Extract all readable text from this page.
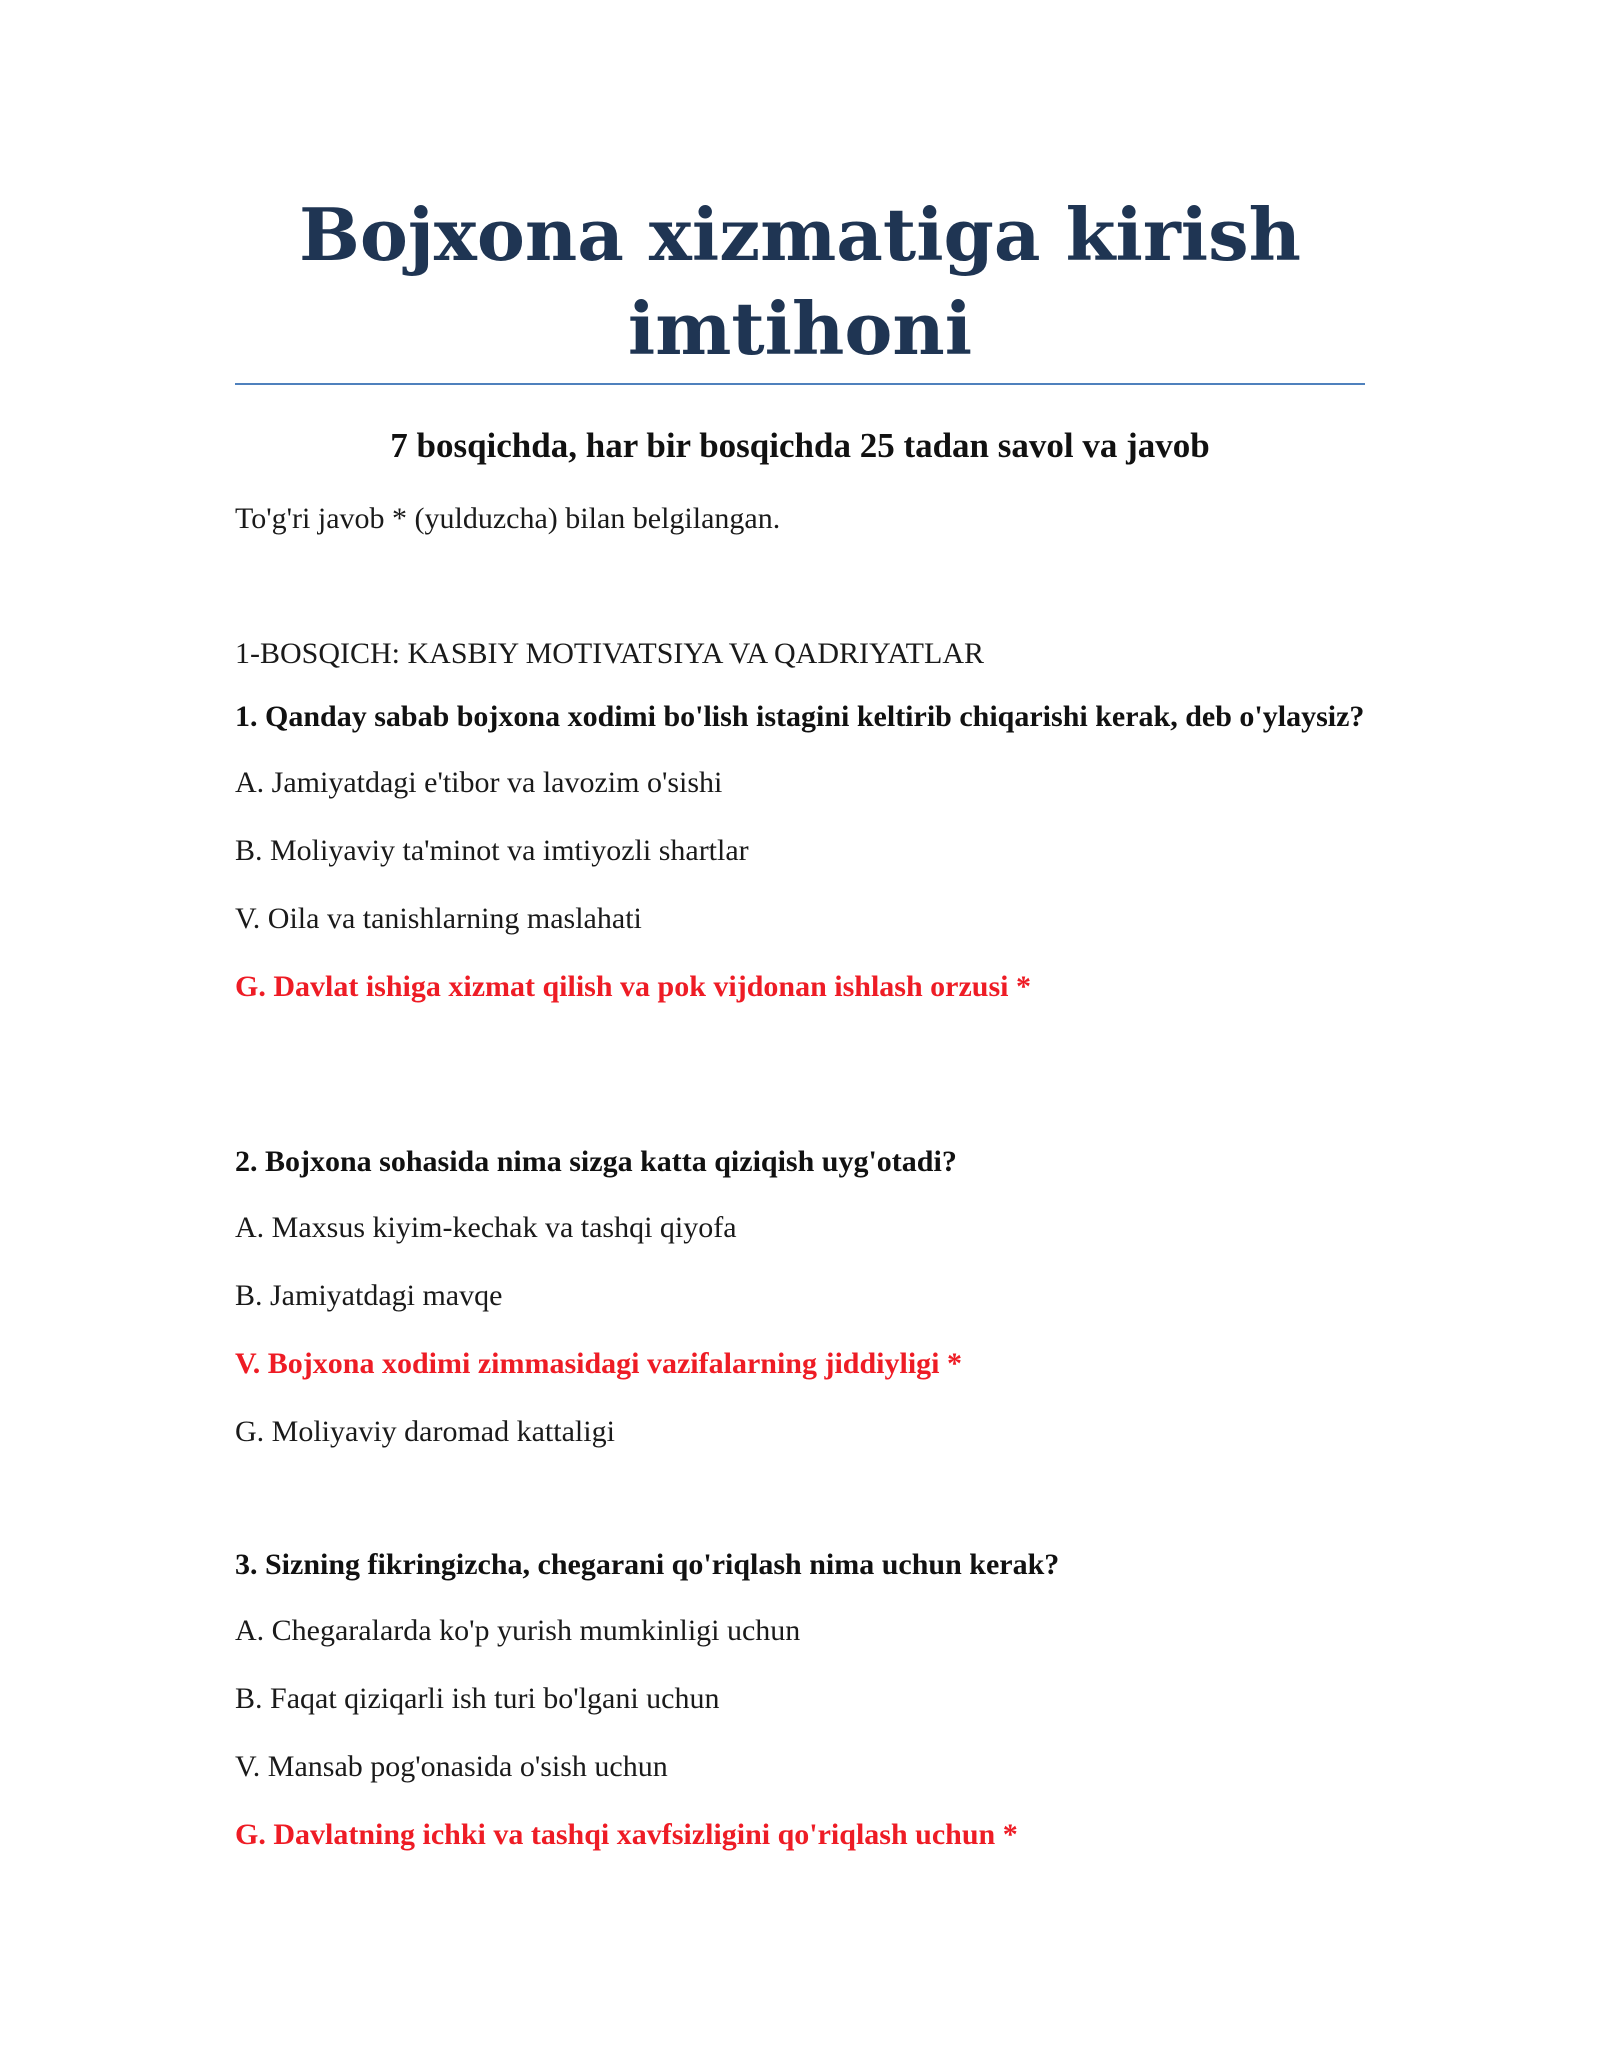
Bojxona xizmatiga kirish imtihoni
7 bosqichda, har bir bosqichda 25 tadan savol va javob
To'g'ri javob * (yulduzcha) bilan belgilangan.
1-BOSQICH: KASBIY MOTIVATSIYA VA QADRIYATLAR

1. Qanday sabab bojxona xodimi bo'lish istagini keltirib chiqarishi kerak, deb o'ylaysiz?

A. Jamiyatdagi e'tibor va lavozim o'sishi
B. Moliyaviy ta'minot va imtiyozli shartlar
V. Oila va tanishlarning maslahati
G. Davlat ishiga xizmat qilish va pok vijdonan ishlash orzusi *

2. Bojxona sohasida nima sizga katta qiziqish uyg'otadi?

A. Maxsus kiyim-kechak va tashqi qiyofa
B. Jamiyatdagi mavqe
V. Bojxona xodimi zimmasidagi vazifalarning jiddiyligi *
G. Moliyaviy daromad kattaligi

3. Sizning fikringizcha, chegarani qo'riqlash nima uchun kerak?

A. Chegaralarda ko'p yurish mumkinligi uchun
B. Faqat qiziqarli ish turi bo'lgani uchun
V. Mansab pog'onasida o'sish uchun
G. Davlatning ichki va tashqi xavfsizligini qo'riqlash uchun *
